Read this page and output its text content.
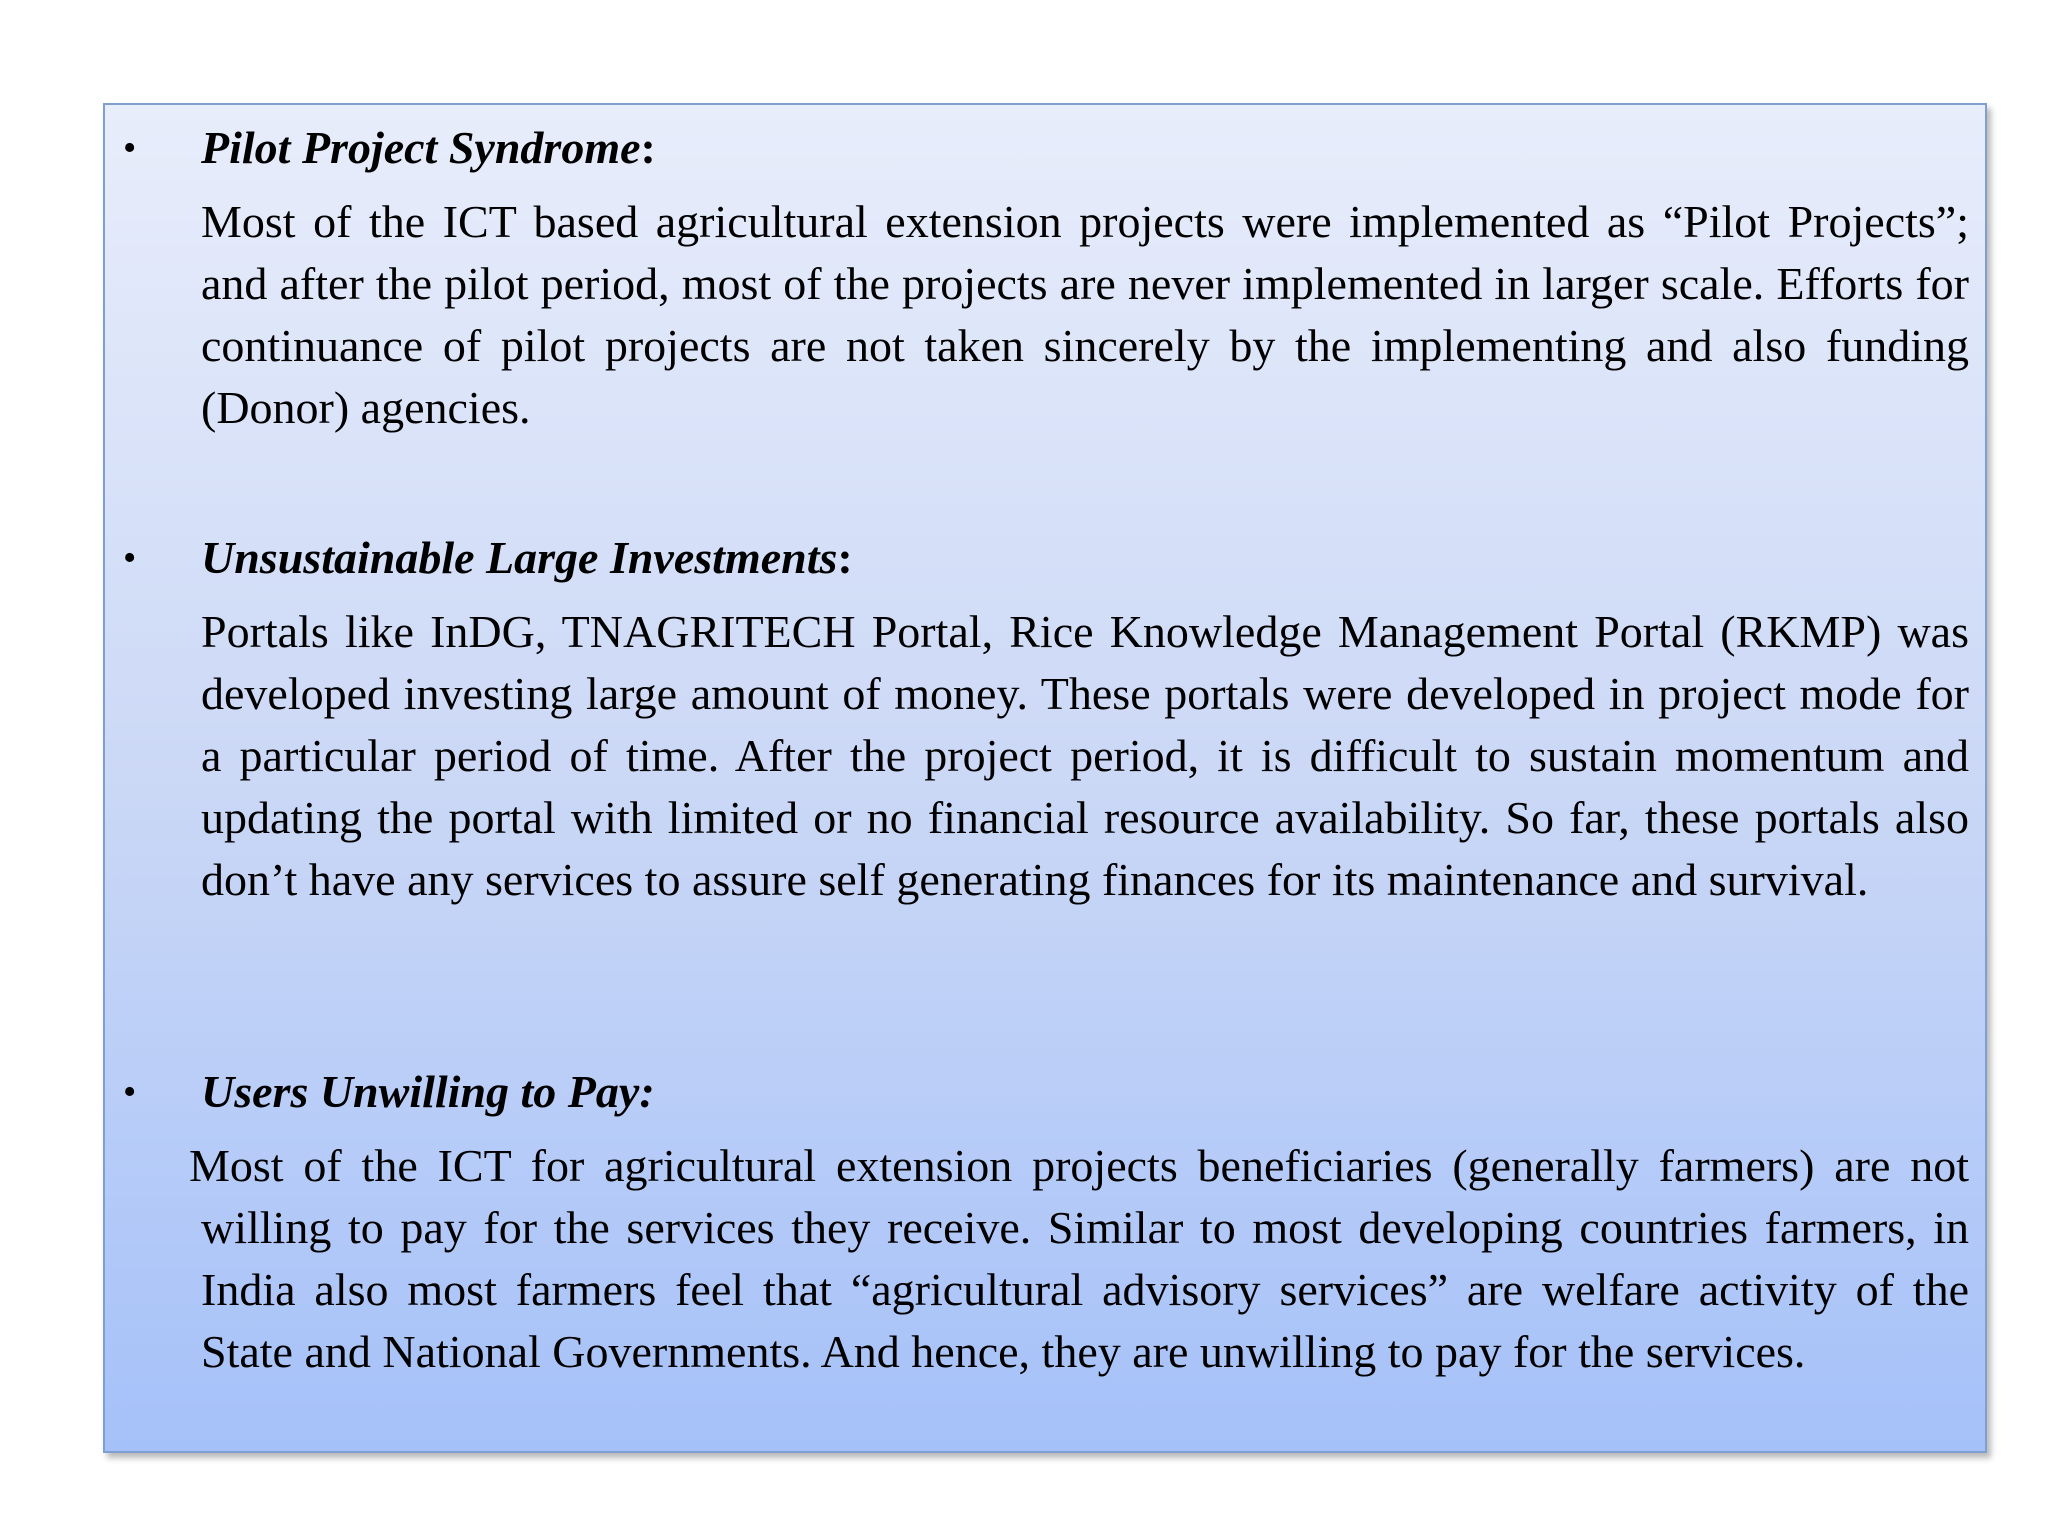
• Pilot Project Syndrome:
Most of the ICT based agricultural extension projects were implemented as “Pilot Projects”; and after the pilot period, most of the projects are never implemented in larger scale. Efforts for continuance of pilot projects are not taken sincerely by the implementing and also funding (Donor) agencies.
• Unsustainable Large Investments:
Portals like InDG, TNAGRITECH Portal, Rice Knowledge Management Portal (RKMP) was developed investing large amount of money. These portals were developed in project mode for a particular period of time. After the project period, it is difficult to sustain momentum and updating the portal with limited or no financial resource availability. So far, these portals also don’t have any services to assure self generating finances for its maintenance and survival.
• Users Unwilling to Pay:
Most of the ICT for agricultural extension projects beneficiaries (generally farmers) are not willing to pay for the services they receive. Similar to most developing countries farmers, in India also most farmers feel that “agricultural advisory services” are welfare activity of the State and National Governments. And hence, they are unwilling to pay for the services.
